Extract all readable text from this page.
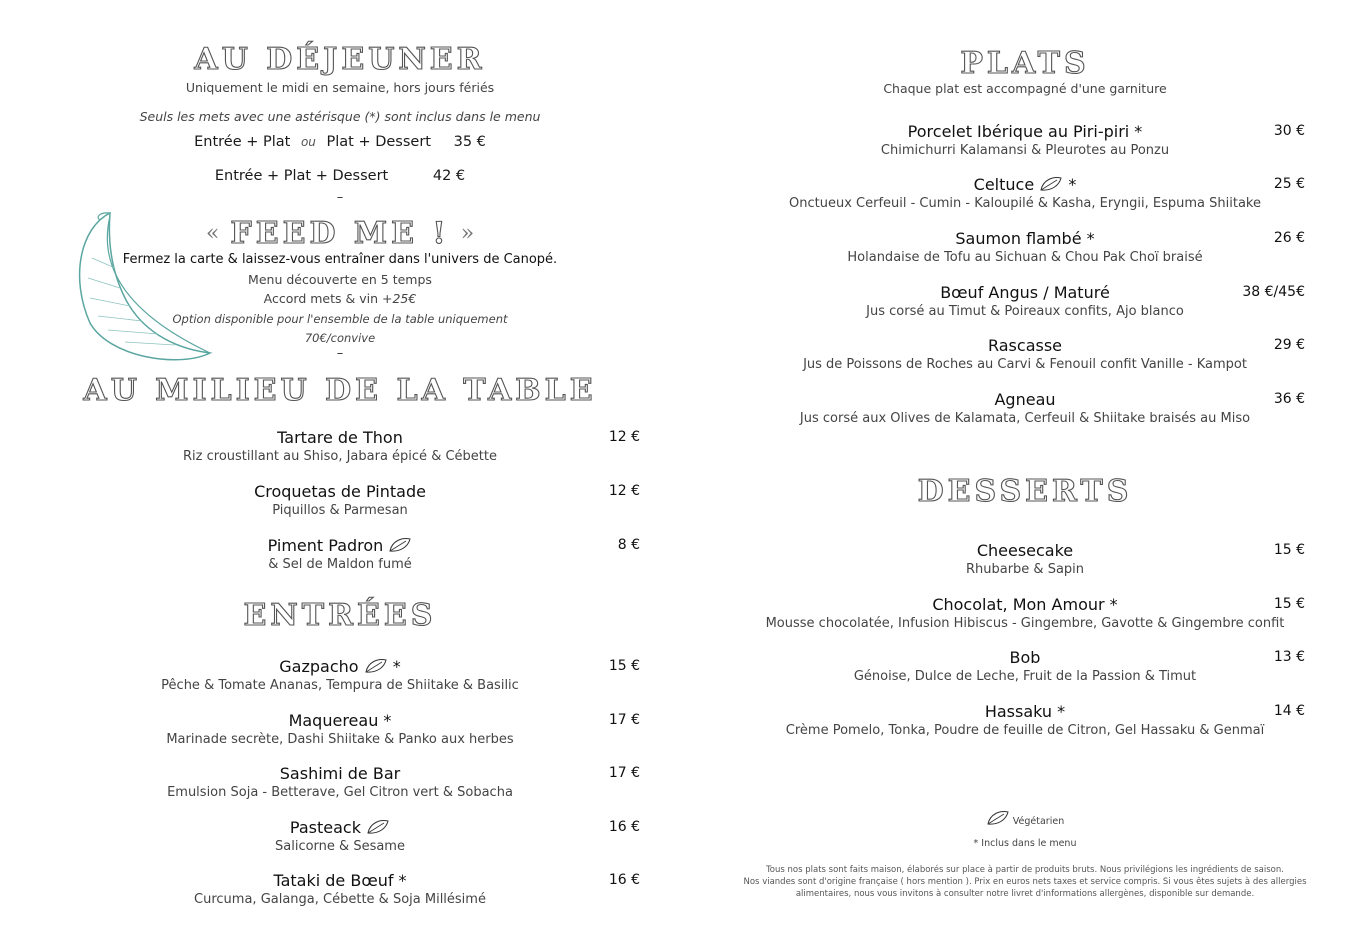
AU DÉJEUNER
Uniquement le midi en semaine, hors jours fériés
Seuls les mets avec une astérisque (*) sont inclus dans le menu
Entrée + Plat ou Plat + Dessert 35 €
Entrée + Plat + Dessert	42 €
–
« FEED ME ! »
Fermez la carte & laissez-vous entraîner dans l'univers de Canopé.
Menu découverte en 5 temps
Accord mets & vin +25€
Option disponible pour l'ensemble de la table uniquement
70€/convive
–
AU MILIEU DE LA TABLE
Tartare de Thon
Riz croustillant au Shiso, Jabara épicé & Cébette
12 €
Croquetas de Pintade
Piquillos & Parmesan
12 €
Piment Padron
& Sel de Maldon fumé
8 €
ENTRÉES
Gazpacho *
Pêche & Tomate Ananas, Tempura de Shiitake & Basilic
15 €
Maquereau *
Marinade secrète, Dashi Shiitake & Panko aux herbes
17 €
Sashimi de Bar
Emulsion Soja - Betterave, Gel Citron vert & Sobacha
17 €
Pasteack
Salicorne & Sesame
16 €
Tataki de Bœuf *
Curcuma, Galanga, Cébette & Soja Millésimé
16 €
PLATS
Chaque plat est accompagné d'une garniture
Porcelet Ibérique au Piri-piri *
Chimichurri Kalamansi & Pleurotes au Ponzu
30 €
Celtuce *
Onctueux Cerfeuil - Cumin - Kaloupilé & Kasha, Eryngii, Espuma Shiitake
25 €
Saumon flambé *
Holandaise de Tofu au Sichuan & Chou Pak Choï braisé
26 €
Bœuf Angus / Maturé
Jus corsé au Timut & Poireaux confits, Ajo blanco
38 €/45€
Rascasse
Jus de Poissons de Roches au Carvi & Fenouil confit Vanille - Kampot
29 €
Agneau
Jus corsé aux Olives de Kalamata, Cerfeuil & Shiitake braisés au Miso
36 €
DESSERTS
Cheesecake
Rhubarbe & Sapin
15 €
Chocolat, Mon Amour *
Mousse chocolatée, Infusion Hibiscus - Gingembre, Gavotte & Gingembre confit
15 €
Bob
Génoise, Dulce de Leche, Fruit de la Passion & Timut
13 €
Hassaku *
Crème Pomelo, Tonka, Poudre de feuille de Citron, Gel Hassaku & Genmaï
14 €
Végétarien
* Inclus dans le menu
Tous nos plats sont faits maison, élaborés sur place à partir de produits bruts. Nous privilégions les ingrédients de saison.
Nos viandes sont d'origine française ( hors mention ). Prix en euros nets taxes et service compris. Si vous êtes sujets à des allergies
alimentaires, nous vous invitons à consulter notre livret d'informations allergènes, disponible sur demande.
